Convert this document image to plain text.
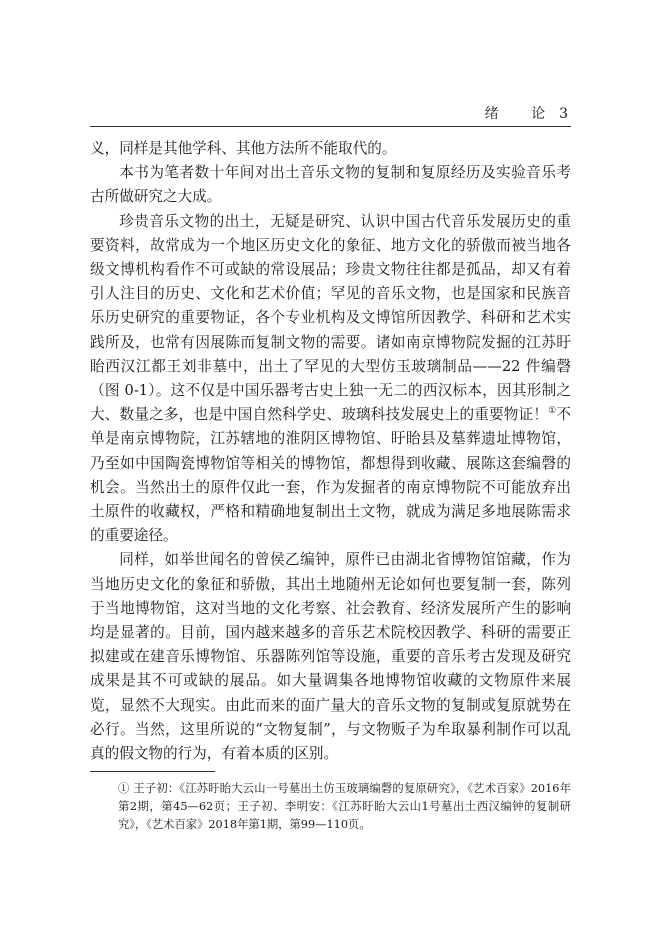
绪 论3

义，同样是其他学科、其他方法所不能取代的。

本书为笔者数十年间对出土音乐文物的复制和复原经历及实验音乐考古所做研究之大成。

珍贵音乐文物的出土，无疑是研究、认识中国古代音乐发展历史的重要资料，故常成为一个地区历史文化的象征、地方文化的骄傲而被当地各级文博机构看作不可或缺的常设展品；珍贵文物往往都是孤品，却又有着引人注目的历史、文化和艺术价值；罕见的音乐文物，也是国家和民族音乐历史研究的重要物证，各个专业机构及文博馆所因教学、科研和艺术实践所及，也常有因展陈而复制文物的需要。诸如南京博物院发掘的江苏盱眙西汉江都王刘非墓中，出土了罕见的大型仿玉玻璃制品——22 件编磬（图 0-1）。这不仅是中国乐器考古史上独一无二的西汉标本，因其形制之大、数量之多，也是中国自然科学史、玻璃科技发展史上的重要物证！①不单是南京博物院，江苏辖地的淮阴区博物馆、盱眙县及墓葬遗址博物馆，乃至如中国陶瓷博物馆等相关的博物馆，都想得到收藏、展陈这套编磬的机会。当然出土的原件仅此一套，作为发掘者的南京博物院不可能放弃出土原件的收藏权，严格和精确地复制出土文物，就成为满足多地展陈需求的重要途径。

同样，如举世闻名的曾侯乙编钟，原件已由湖北省博物馆馆藏，作为当地历史文化的象征和骄傲，其出土地随州无论如何也要复制一套，陈列于当地博物馆，这对当地的文化考察、社会教育、经济发展所产生的影响均是显著的。目前，国内越来越多的音乐艺术院校因教学、科研的需要正拟建或在建音乐博物馆、乐器陈列馆等设施，重要的音乐考古发现及研究成果是其不可或缺的展品。如大量调集各地博物馆收藏的文物原件来展览，显然不大现实。由此而来的面广量大的音乐文物的复制或复原就势在必行。当然，这里所说的“文物复制”，与文物贩子为牟取暴利制作可以乱真的假文物的行为，有着本质的区别。

① 王子初：《江苏盱眙大云山一号墓出土仿玉玻璃编磬的复原研究》，《艺术百家》2016年第2期，第45—62页；王子初、李明安：《江苏盱眙大云山1号墓出土西汉编钟的复制研究》，《艺术百家》2018年第1期，第99—110页。
